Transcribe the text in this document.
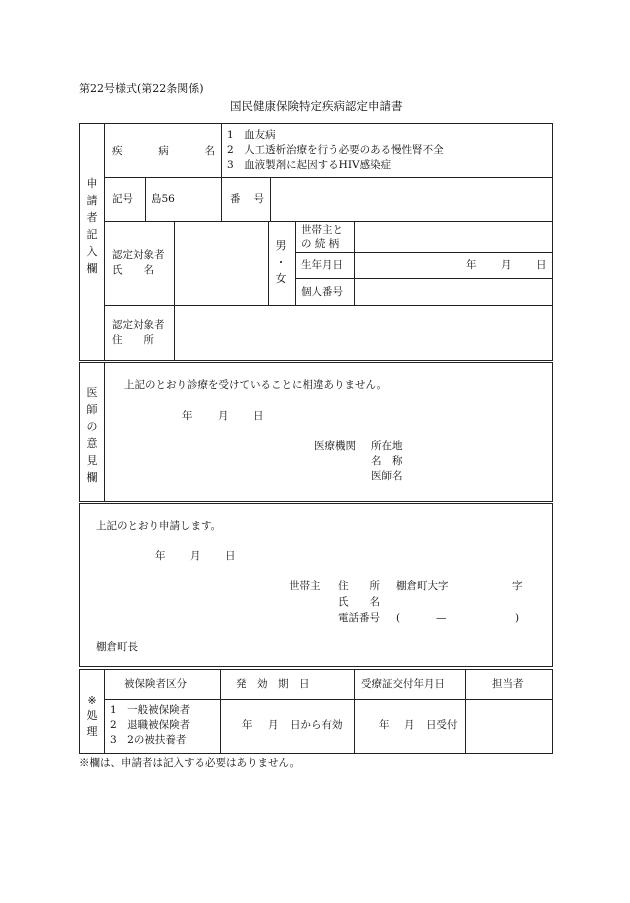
第22号様式(第22条関係)
国民健康保険特定疾病認定申請書
申
請
者
記
入
欄
疾	病	名
1　血友病
2　人工透析治療を行う必要のある慢性腎不全
3　血液製剤に起因するHIV感染症
記号 島56	番 号
認定対象者
氏　　名
男
・
女
世帯主と
の 続 柄
生年月日	年 月 日
個人番号
認定対象者
住　　所
医
師
の
意
見
欄
上記のとおり診療を受けていることに相違ありません。
年 月 日
医療機関 所在地
名　称
医師名
上記のとおり申請します。
年 月 日
世帯主 住　　所 棚倉町大字	字
氏　　名
電話番号 (	—	)
棚倉町長
※
処
理
被保険者区分	発　効　期　日	受療証交付年月日	担当者
1　一般被保険者
2　退職被保険者
3　2の被扶養者
年 月 日から有効	年 月 日受付
※欄は、申請者は記入する必要はありません。
